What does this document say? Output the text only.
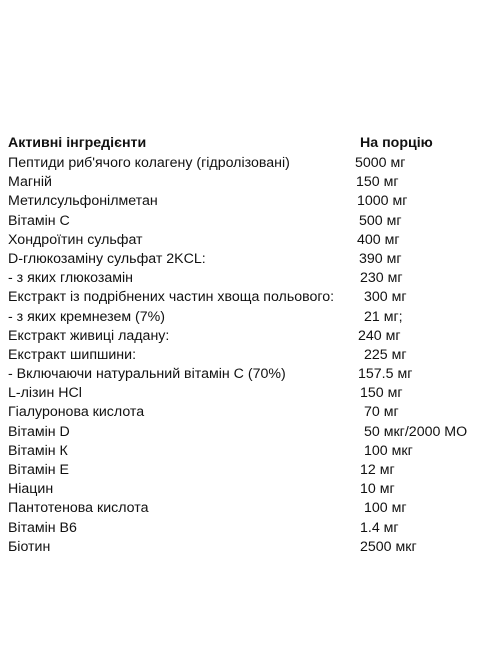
Активні інгредієнти	На порцію
Пептиди риб'ячого колагену (гідролізовані)	5000 мг
Магній	150 мг
Метилсульфонілметан	1000 мг
Вітамін С	500 мг
Хондроїтин сульфат	400 мг
D-глюкозаміну сульфат 2KCL:	390 мг
- з яких глюкозамін	230 мг
Екстракт із подрібнених частин хвоща польового: 300 мг
- з яких кремнезем (7%)	21 мг;
Екстракт живиці ладану:	240 мг
Екстракт шипшини:	225 мг
- Включаючи натуральний вітамін С (70%)	157.5 мг
L-лізин HCl	150 мг
Гіалуронова кислота	70 мг
Вітамін D	50 мкг/2000 МО
Вітамін К	100 мкг
Вітамін Е	12 мг
Ніацин	10 мг
Пантотенова кислота	100 мг
Вітамін В6	1.4 мг
Біотин	2500 мкг
